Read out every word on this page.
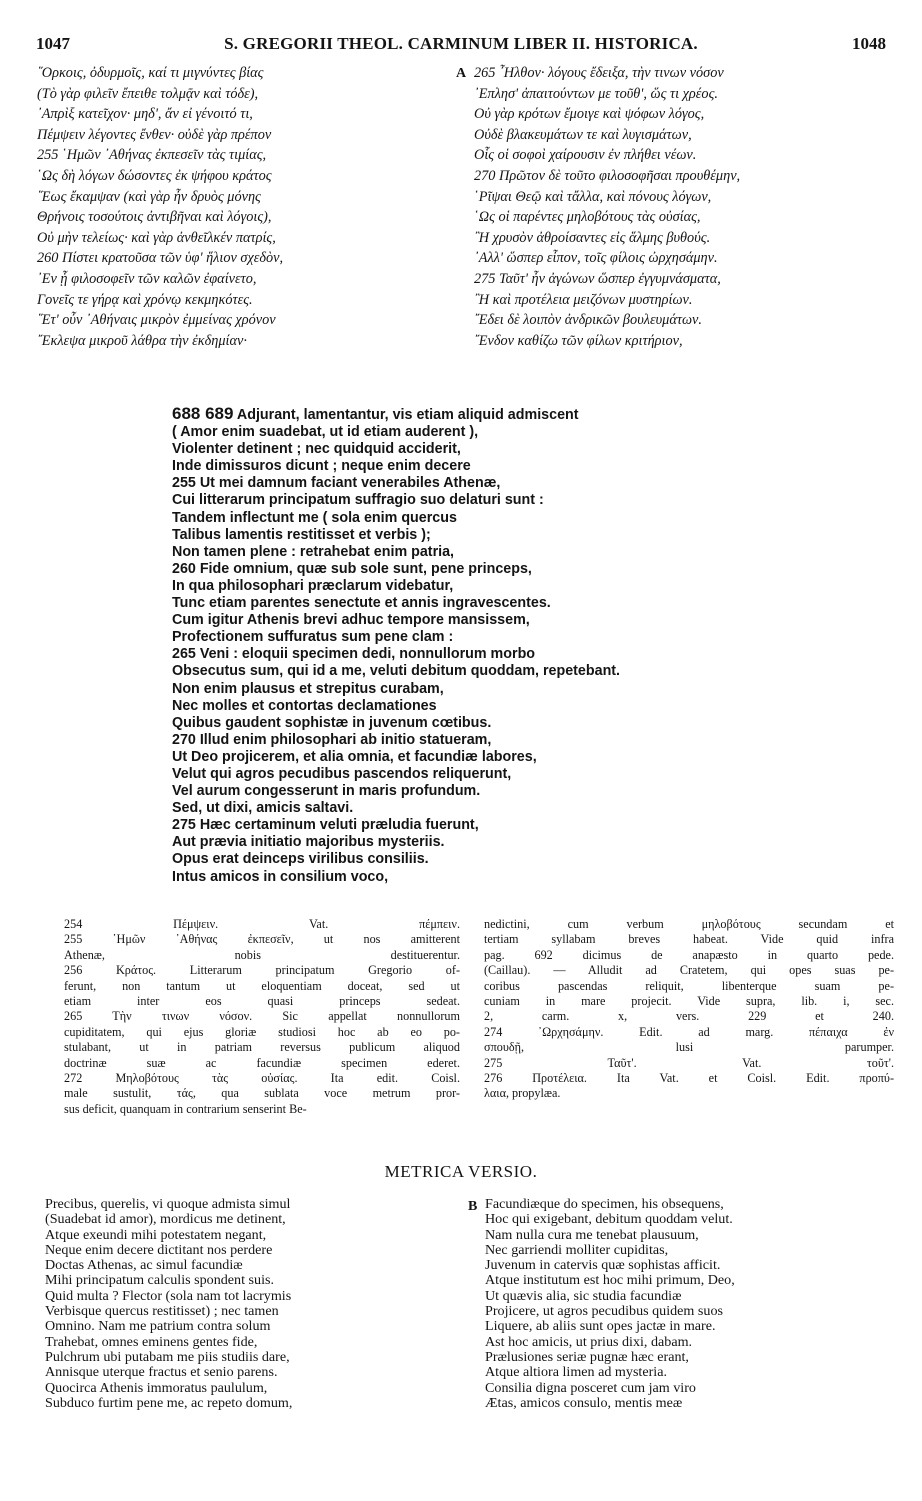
1047	S. GREGORII THEOL. CARMINUM LIBER II. HISTORICA.	1048
῞Ορκοις, ὀδυρμοῖς, καί τι μιγνύντες βίας
(Τὸ γὰρ φιλεῖν ἔπειθε τολμᾷν καὶ τόδε),
᾿Απρὶξ κατεῖχον· μηδ', ἄν εἰ γένοιτό τι,
Πέμψειν λέγοντες ἔνθεν· οὐδὲ γὰρ πρέπον
255 ῾Ημῶν ᾿Αθήνας ἐκπεσεῖν τὰς τιμίας,
῾Ως δὴ λόγων δώσοντες ἐκ ψήφου κράτος
῞Εως ἔκαμψαν (καὶ γὰρ ἦν δρυὸς μόνης
Θρήνοις τοσούτοις ἀντιβῆναι καὶ λόγοις),
Οὐ μὴν τελείως· καὶ γὰρ ἀνθεῖλκέν πατρίς,
260 Πίστει κρατοῦσα τῶν ὑφ' ἥλιον σχεδὸν,
᾿Εν ᾗ φιλοσοφεῖν τῶν καλῶν ἐφαίνετο,
Γονεῖς τε γήρᾳ καὶ χρόνῳ κεκμηκότες.
῞Ετ' οὖν ᾿Αθήναις μικρὸν ἐμμείνας χρόνον
῎Εκλεψα μικροῦ λάθρα τὴν ἐκδημίαν·
A 265 ῏Ηλθον· λόγους ἔδειξα, τὴν τινων νόσον
᾿Επλησ' ἀπαιτούντων με τοῦθ', ὥς τι χρέος.
Οὐ γὰρ κρότων ἔμοιγε καὶ ψόφων λόγος,
Οὐδὲ βλακευμάτων τε καὶ λυγισμάτων,
Οἷς οἱ σοφοὶ χαίρουσιν ἐν πλήθει νέων.
270 Πρῶτον δὲ τοῦτο φιλοσοφῆσαι προυθέμην,
῾Ρῖψαι Θεῷ καὶ τἄλλα, καὶ πόνους λόγων,
῾Ως οἱ παρέντες μηλοβότους τὰς οὐσίας,
῍Η χρυσὸν ἀθροίσαντες εἰς ἅλμης βυθούς.
᾿Αλλ' ὥσπερ εἶπον, τοῖς φίλοις ὠρχησάμην.
275 Ταῦτ' ἦν ἀγώνων ὥσπερ ἐγγυμνάσματα,
῍Η καὶ προτέλεια μειζόνων μυστηρίων.
῎Εδει δὲ λοιπὸν ἀνδρικῶν βουλευμάτων.
῎Ενδον καθίζω τῶν φίλων κριτήριον,
688 689 Adjurant, lamentantur, vis etiam aliquid admiscent
( Amor enim suadebat, ut id etiam auderent ),
Violenter detinent ; nec quidquid acciderit,
Inde dimissuros dicunt ; neque enim decere
255 Ut mei damnum faciant venerabiles Athenæ,
Cui litterarum principatum suffragio suo delaturi sunt :
Tandem inflectunt me ( sola enim quercus
Talibus lamentis restitisset et verbis );
Non tamen plene : retrahebat enim patria,
260 Fide omnium, quæ sub sole sunt, pene princeps,
In qua philosophari præclarum videbatur,
Tunc etiam parentes senectute et annis ingravescentes.
Cum igitur Athenis brevi adhuc tempore mansissem,
Profectionem suffuratus sum pene clam :
265 Veni : eloquii specimen dedi, nonnullorum morbo
Obsecutus sum, qui id a me, veluti debitum quoddam, repetebant.
Non enim plausus et strepitus curabam,
Nec molles et contortas declamationes
Quibus gaudent sophistæ in juvenum cœtibus.
270 Illud enim philosophari ab initio statueram,
Ut Deo projicerem, et alia omnia, et facundiæ labores,
Velut qui agros pecudibus pascendos reliquerunt,
Vel aurum congesserunt in maris profundum.
Sed, ut dixi, amicis saltavi.
275 Hæc certaminum veluti præludia fuerunt,
Aut prævia initiatio majoribus mysteriis.
Opus erat deinceps virilibus consiliis.
Intus amicos in consilium voco,
254 Πέμψειν. Vat. πέμπειν.
255 ῾Ημῶν ᾿Αθήνας ἐκπεσεῖν, ut nos amitterent
Athenæ, nobis destituerentur.
256 Κράτος. Litterarum principatum Gregorio of-
ferunt, non tantum ut eloquentiam doceat, sed ut
etiam inter eos quasi princeps sedeat.
265 Τὴν τινων νόσον. Sic appellat nonnullorum
cupiditatem, qui ejus gloriæ studiosi hoc ab eo po-
stulabant, ut in patriam reversus publicum aliquod
doctrinæ suæ ac facundiæ specimen ederet.
272 Μηλοβότους τὰς οὐσίας. Ita edit. Coisl.
male sustulit, τάς, qua sublata voce metrum pror-
sus deficit, quanquam in contrarium senserint Be-
nedictini, cum verbum μηλοβότους secundam et
tertiam syllabam breves habeat. Vide quid infra
pag. 692 dicimus de anapæsto in quarto pede.
(Caillau). — Alludit ad Cratetem, qui opes suas pe-
coribus pascendas reliquit, libenterque suam pe-
cuniam in mare projecit. Vide supra, lib. i, sec.
2, carm. x, vers. 229 et 240.
274 ᾿Ωρχησάμην. Edit. ad marg. πέπαιχα ἐν
σπουδῇ, lusi parumper.
275 Ταῦτ'. Vat. τοῦτ'.
276 Προτέλεια. Ita Vat. et Coisl. Edit. προπύ-
λαια, propylæa.
METRICA VERSIO.
Precibus, querelis, vi quoque admista simul
(Suadebat id amor), mordicus me detinent,
Atque exeundi mihi potestatem negant,
Neque enim decere dictitant nos perdere
Doctas Athenas, ac simul facundiæ
Mihi principatum calculis spondent suis.
Quid multa ? Flector (sola nam tot lacrymis
Verbisque quercus restitisset) ; nec tamen
Omnino. Nam me patrium contra solum
Trahebat, omnes eminens gentes fide,
Pulchrum ubi putabam me piis studiis dare,
Annisque uterque fractus et senio parens.
Quocirca Athenis immoratus paululum,
Subduco furtim pene me, ac repeto domum,
B Facundiæque do specimen, his obsequens,
Hoc qui exigebant, debitum quoddam velut.
Nam nulla cura me tenebat plausuum,
Nec garriendi molliter cupiditas,
Juvenum in catervis quæ sophistas afficit.
Atque institutum est hoc mihi primum, Deo,
Ut quævis alia, sic studia facundiæ
Projicere, ut agros pecudibus quidem suos
Liquere, ab aliis sunt opes jactæ in mare.
Ast hoc amicis, ut prius dixi, dabam.
Prælusiones seriæ pugnæ hæc erant,
Atque altiora limen ad mysteria.
Consilia digna posceret cum jam viro
Ætas, amicos consulo, mentis meæ
